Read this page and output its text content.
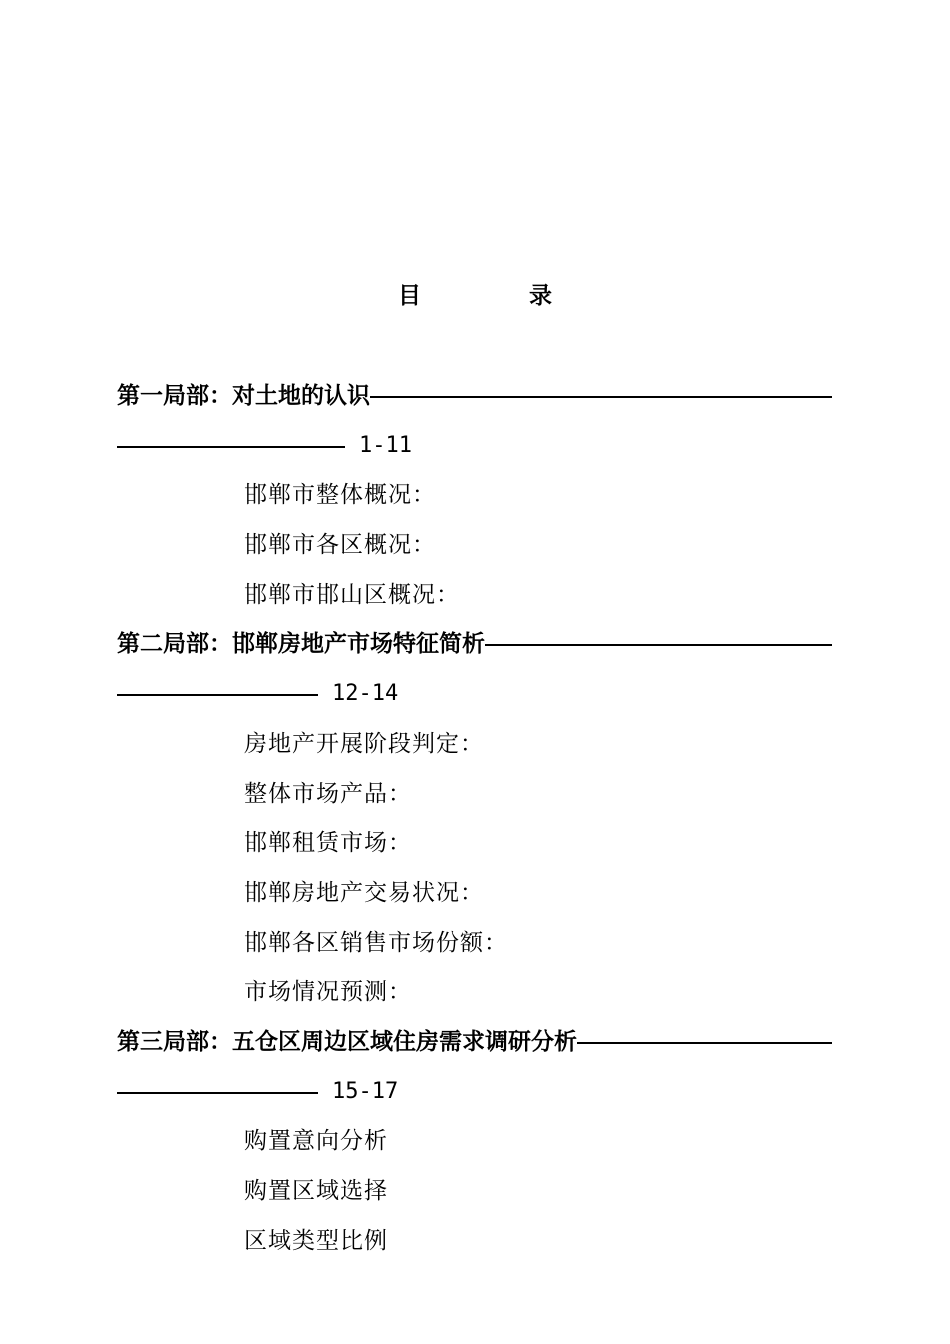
目 录
第一局部：对土地的认识
1-11
邯郸市整体概况：
邯郸市各区概况：
邯郸市邯山区概况：
第二局部：邯郸房地产市场特征简析
12-14
房地产开展阶段判定：
整体市场产品：
邯郸租赁市场：
邯郸房地产交易状况：
邯郸各区销售市场份额：
市场情况预测：
第三局部：五仓区周边区域住房需求调研分析
15-17
购置意向分析
购置区域选择
区域类型比例
